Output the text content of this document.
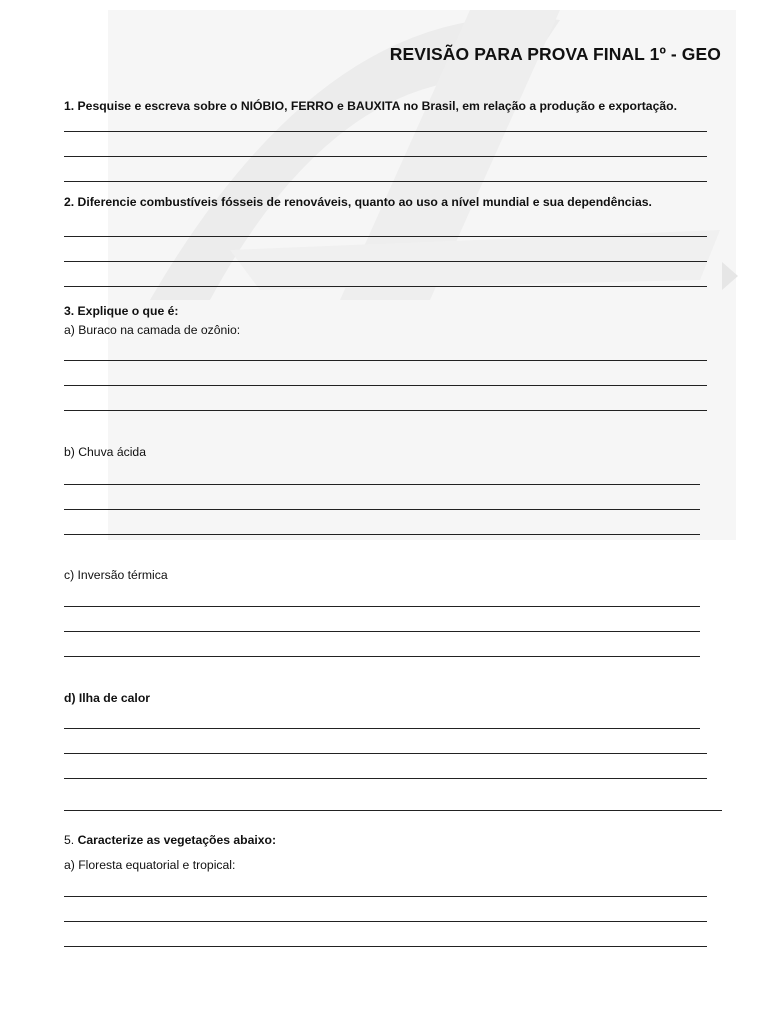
REVISÃO PARA PROVA FINAL 1º - GEO
1. Pesquise e escreva sobre o NIÓBIO, FERRO e BAUXITA no Brasil, em relação a produção e exportação.
2. Diferencie combustíveis fósseis de renováveis, quanto ao uso a nível mundial e sua dependências.
3. Explique o que é:
a) Buraco na camada de ozônio:
b) Chuva ácida
c) Inversão térmica
d) Ilha de calor
5. Caracterize as vegetações abaixo:
a) Floresta equatorial e tropical:
